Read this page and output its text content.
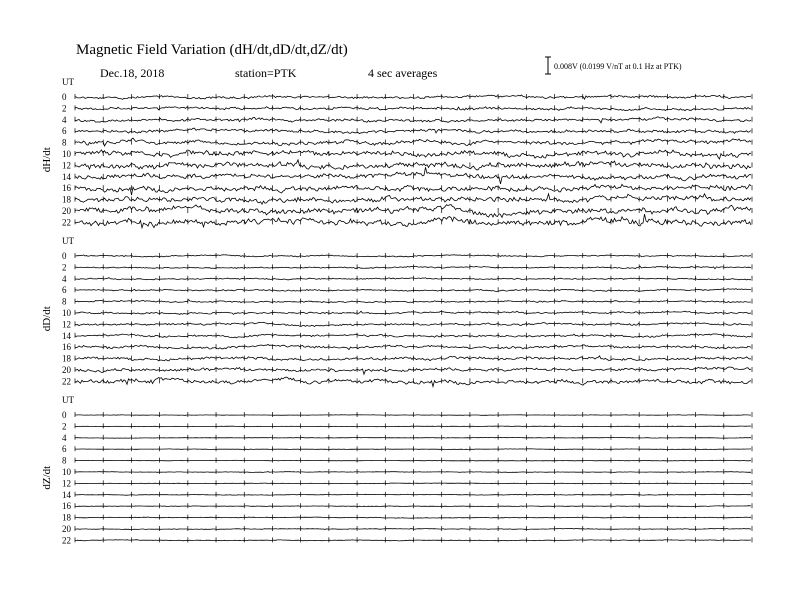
Magnetic Field Variation (dH/dt,dD/dt,dZ/dt)
Dec.18, 2018	station=PTK	4 sec averages	0.008V (0.0199 V/nT at 0.1 Hz at PTK)
UT
dH/dt
0
2
4
6
8
10
12
14
16
18
20
22
UT
dD/dt
0
2
4
6
8
10
12
14
16
18
20
22
UT
dZ/dt
0
2
4
6
8
10
12
14
16
18
20
22
